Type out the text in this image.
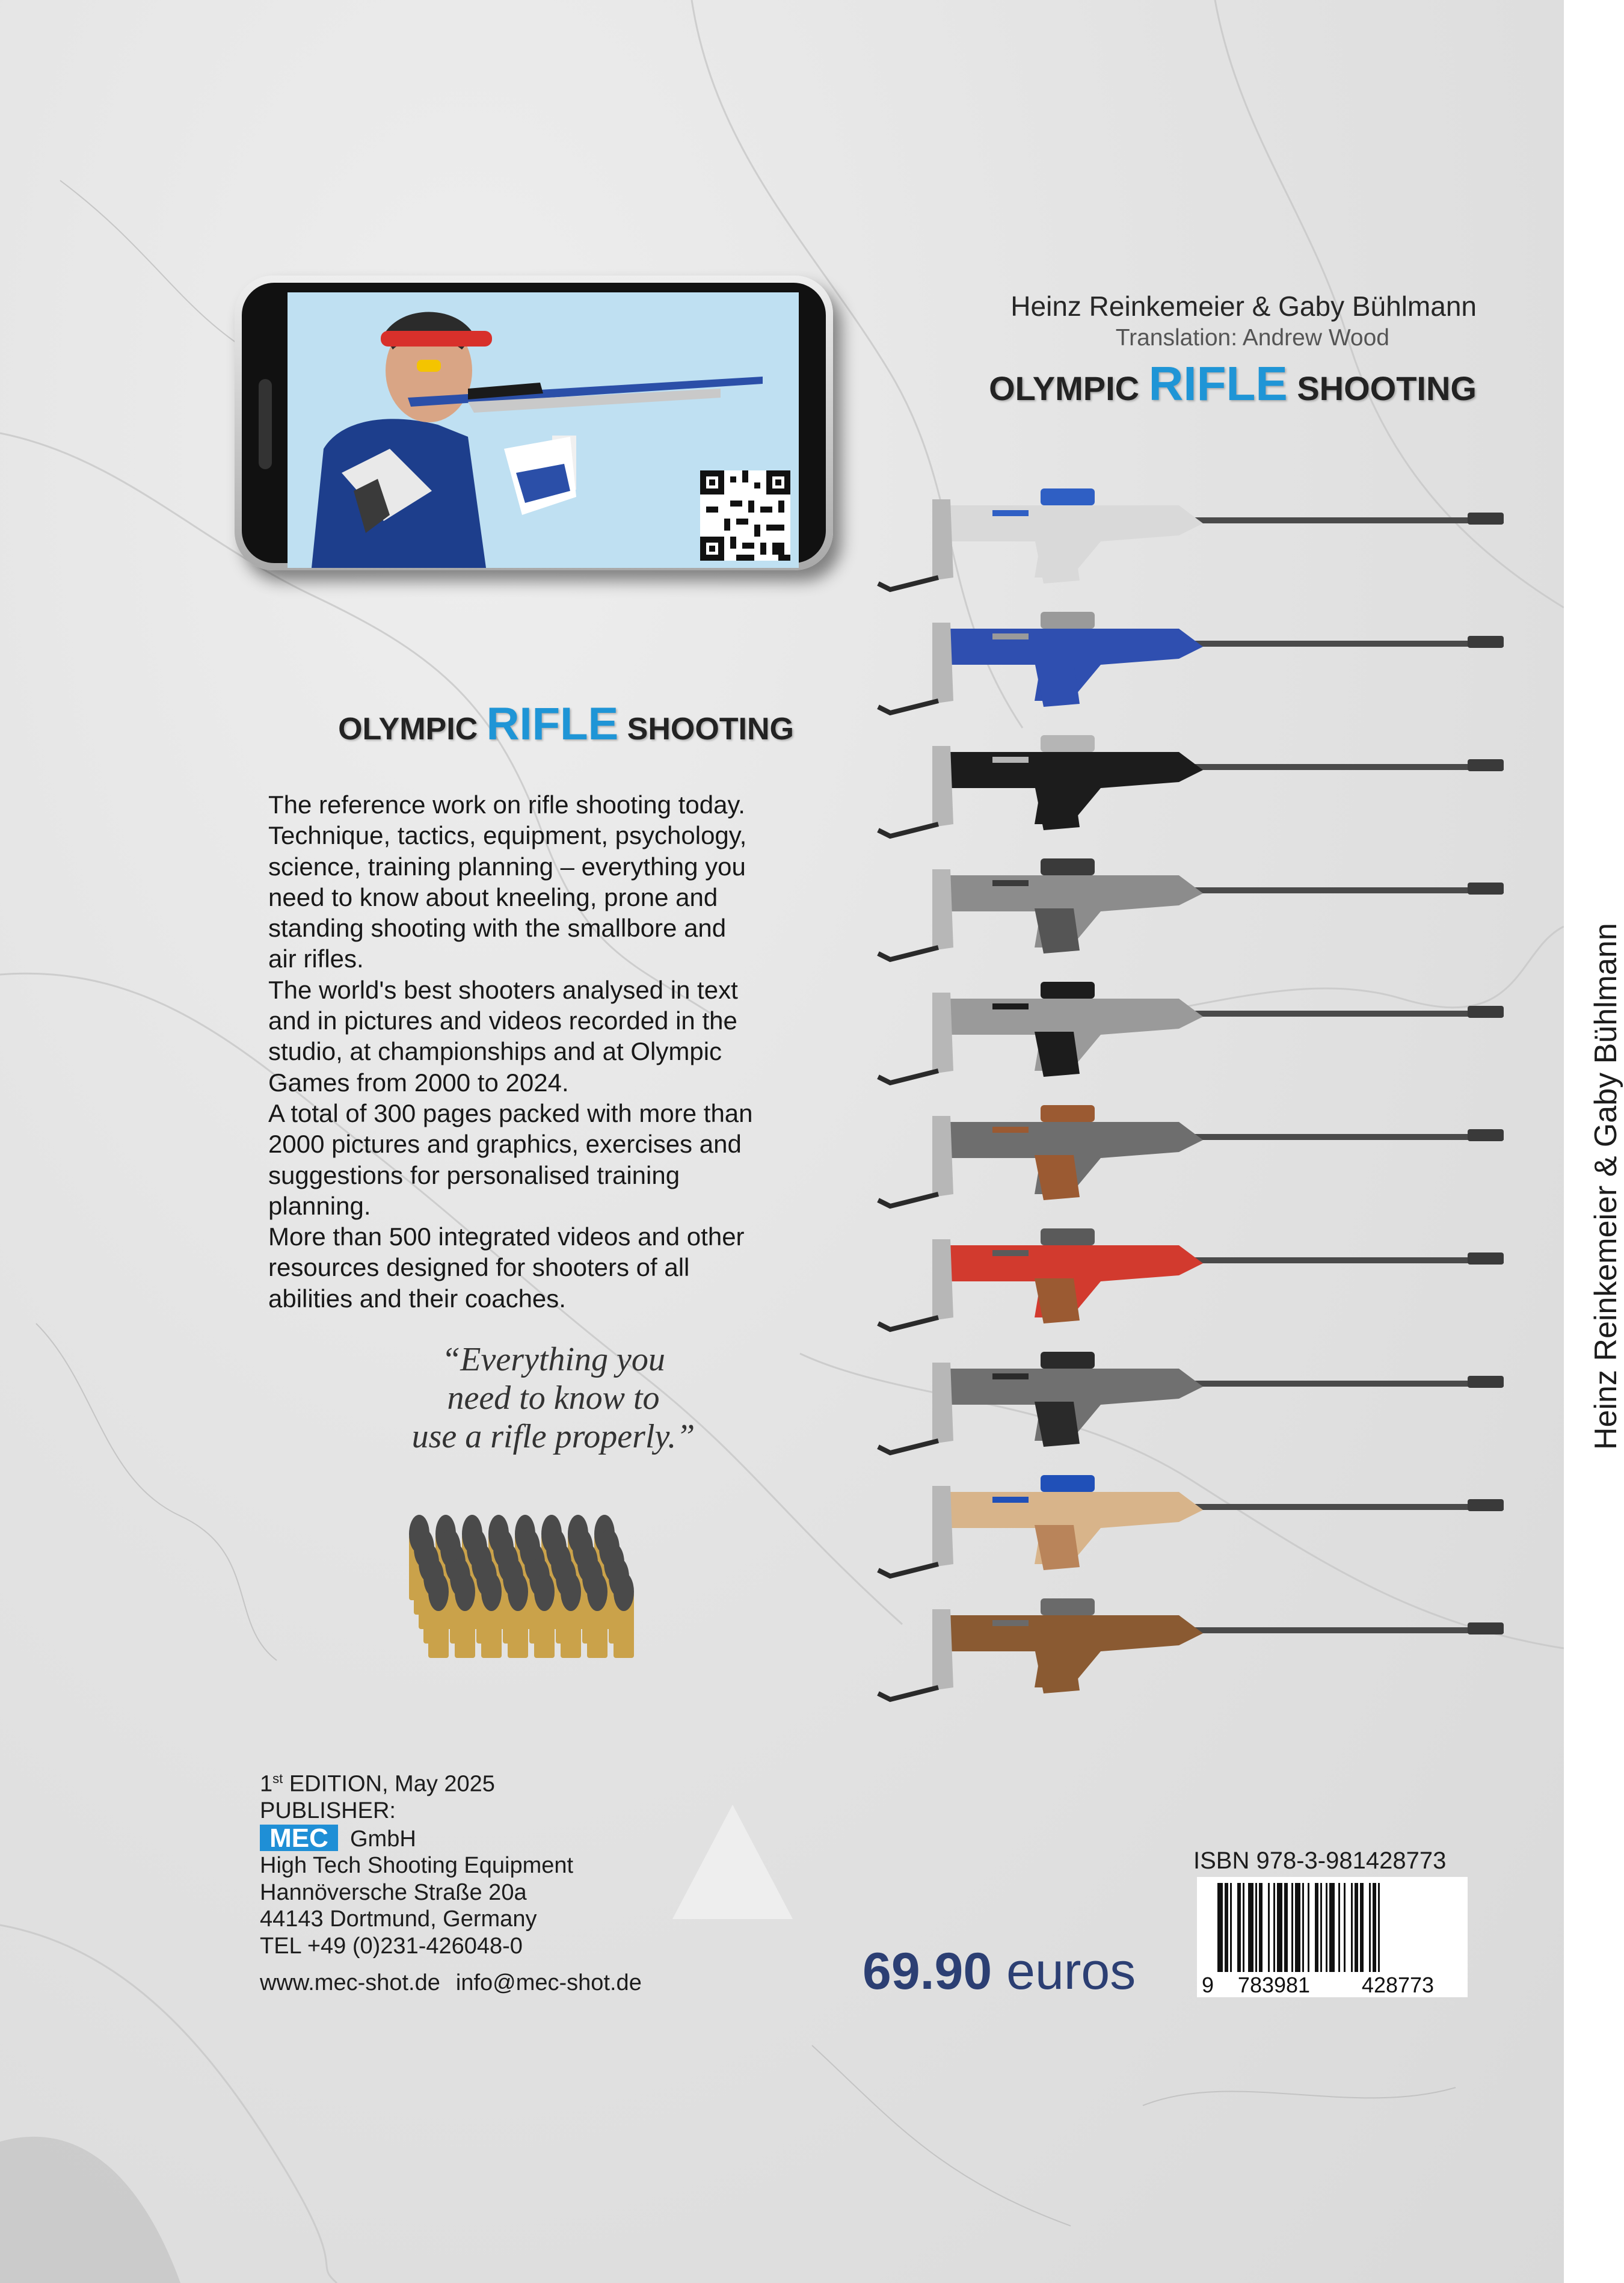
Heinz Reinkemeier & Gaby Bühlmann
Translation: Andrew Wood
OLYMPIC RIFLE SHOOTING
OLYMPIC RIFLE SHOOTING

The reference work on rifle shooting today.

Technique, tactics, equipment, psychology,

science, training planning – everything you

need to know about kneeling, prone and

standing shooting with the smallbore and

air rifles.

The world's best shooters analysed in text

and in pictures and videos recorded in the

studio, at championships and at Olympic

Games from 2000 to 2024.

A total of 300 pages packed with more than

2000 pictures and graphics, exercises and

suggestions for personalised training

planning.

More than 500 integrated videos and other

resources designed for shooters of all

abilities and their coaches.

“Everything you

need to know to

use a rifle properly.”

1st EDITION, May 2025

PUBLISHER:

MEC GmbH

High Tech Shooting Equipment

Hannöversche Straße 20a

44143 Dortmund, Germany

TEL +49 (0)231-426048-0

www.mec-shot.de info@mec-shot.de	69.90 euros
ISBN 978-3-981428773
9 783981 428773
Heinz Reinkemeier & Gaby Bühlmann
